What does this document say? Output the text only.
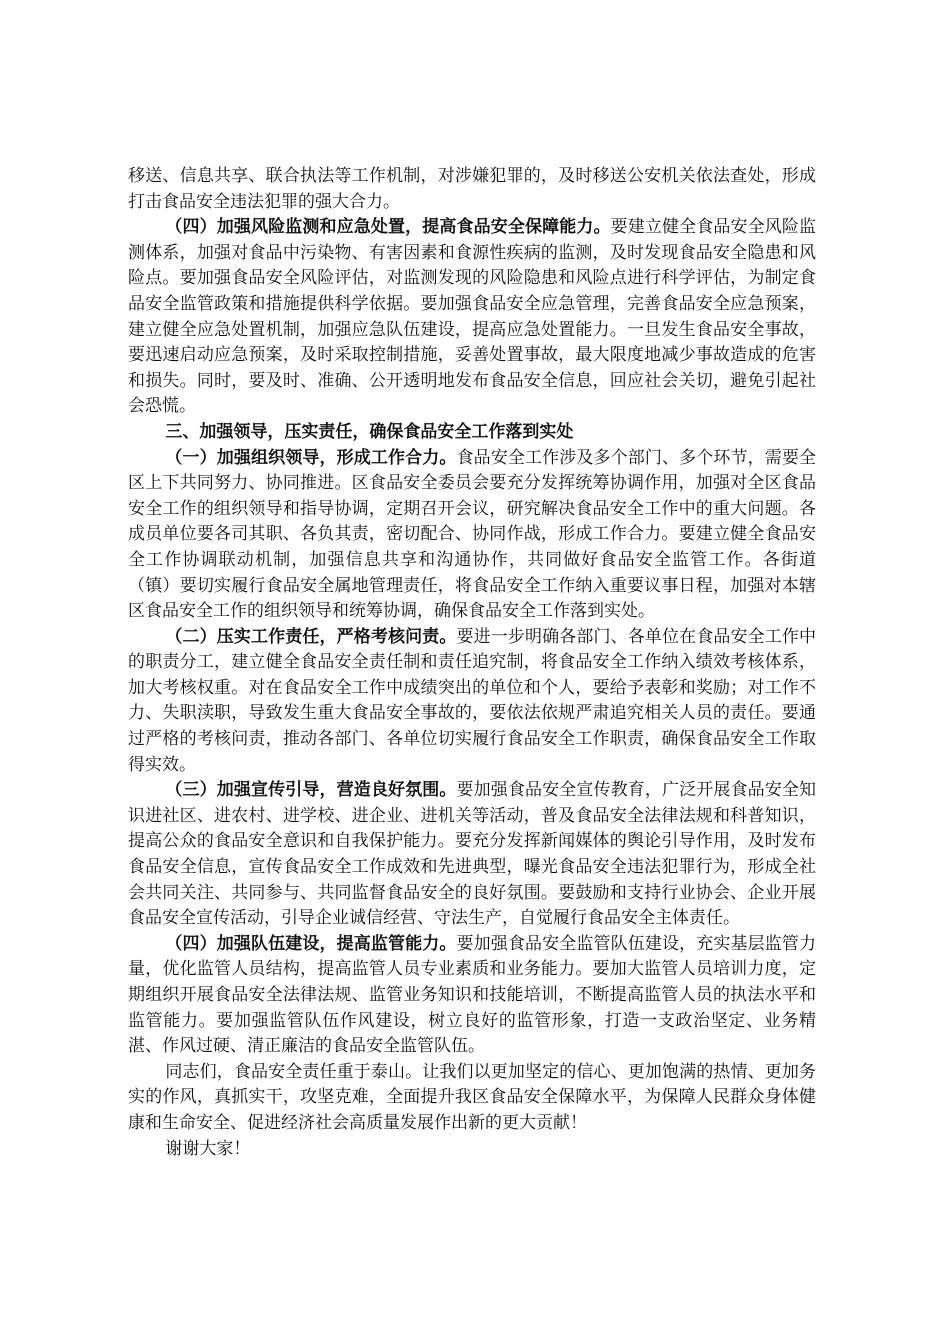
移送、信息共享、联合执法等工作机制，对涉嫌犯罪的，及时移送公安机关依法查处，形成打击食品安全违法犯罪的强大合力。

（四）加强风险监测和应急处置，提高食品安全保障能力。要建立健全食品安全风险监测体系，加强对食品中污染物、有害因素和食源性疾病的监测，及时发现食品安全隐患和风险点。要加强食品安全风险评估，对监测发现的风险隐患和风险点进行科学评估，为制定食品安全监管政策和措施提供科学依据。要加强食品安全应急管理，完善食品安全应急预案，建立健全应急处置机制，加强应急队伍建设，提高应急处置能力。一旦发生食品安全事故，要迅速启动应急预案，及时采取控制措施，妥善处置事故，最大限度地减少事故造成的危害和损失。同时，要及时、准确、公开透明地发布食品安全信息，回应社会关切，避免引起社会恐慌。

三、加强领导，压实责任，确保食品安全工作落到实处

（一）加强组织领导，形成工作合力。食品安全工作涉及多个部门、多个环节，需要全区上下共同努力、协同推进。区食品安全委员会要充分发挥统筹协调作用，加强对全区食品安全工作的组织领导和指导协调，定期召开会议，研究解决食品安全工作中的重大问题。各成员单位要各司其职、各负其责，密切配合、协同作战，形成工作合力。要建立健全食品安全工作协调联动机制，加强信息共享和沟通协作，共同做好食品安全监管工作。各街道（镇）要切实履行食品安全属地管理责任，将食品安全工作纳入重要议事日程，加强对本辖区食品安全工作的组织领导和统筹协调，确保食品安全工作落到实处。

（二）压实工作责任，严格考核问责。要进一步明确各部门、各单位在食品安全工作中的职责分工，建立健全食品安全责任制和责任追究制，将食品安全工作纳入绩效考核体系，加大考核权重。对在食品安全工作中成绩突出的单位和个人，要给予表彰和奖励；对工作不力、失职渎职，导致发生重大食品安全事故的，要依法依规严肃追究相关人员的责任。要通过严格的考核问责，推动各部门、各单位切实履行食品安全工作职责，确保食品安全工作取得实效。

（三）加强宣传引导，营造良好氛围。要加强食品安全宣传教育，广泛开展食品安全知识进社区、进农村、进学校、进企业、进机关等活动，普及食品安全法律法规和科普知识，提高公众的食品安全意识和自我保护能力。要充分发挥新闻媒体的舆论引导作用，及时发布食品安全信息，宣传食品安全工作成效和先进典型，曝光食品安全违法犯罪行为，形成全社会共同关注、共同参与、共同监督食品安全的良好氛围。要鼓励和支持行业协会、企业开展食品安全宣传活动，引导企业诚信经营、守法生产，自觉履行食品安全主体责任。

（四）加强队伍建设，提高监管能力。要加强食品安全监管队伍建设，充实基层监管力量，优化监管人员结构，提高监管人员专业素质和业务能力。要加大监管人员培训力度，定期组织开展食品安全法律法规、监管业务知识和技能培训，不断提高监管人员的执法水平和监管能力。要加强监管队伍作风建设，树立良好的监管形象，打造一支政治坚定、业务精湛、作风过硬、清正廉洁的食品安全监管队伍。

同志们，食品安全责任重于泰山。让我们以更加坚定的信心、更加饱满的热情、更加务实的作风，真抓实干，攻坚克难，全面提升我区食品安全保障水平，为保障人民群众身体健康和生命安全、促进经济社会高质量发展作出新的更大贡献！

谢谢大家！
